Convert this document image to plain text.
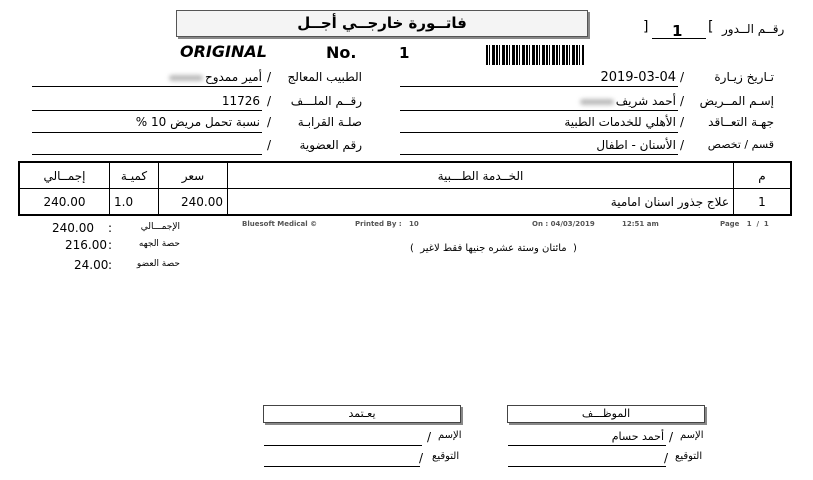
فاتــورة خارجــي أجــل
ORIGINAL	No.	1
رقــم الــدور
[
] 1
الطبيب المعالج
/
أمير ممدوح
رقــم الملـــف
/
11726
صلـة القرابـة
/
نسبة تحمل مريض 10 %
رقم العضوية
/
تـاريخ زيـارة
/
2019-03-04
إسـم المــريض
/
أحمد شريف
جهـة التعــاقد
/
الأهلي للخدمات الطبية
قسم / تخصص
/
الأسنان - اطفال
إجمــالي	كميـة	سعر	الخــدمة الطـــبية	م
240.00	1.0	240.00	علاج جذور اسنان امامية	1
Bluesoft Medical ©	Printed By : 10	On : 04/03/2019	12:51 am	Page   1  /  1
240.00 :	الإجمـــالي
216.00 :	حصة الجهه
24.00 :	حصة العضو
(  مائتان وستة عشره جنيها فقط لاغير  )
يعـتمد
الإسم
/
التوقيع
/
الموظـــف
الإسم
/
أحمد حسام
التوقيع
/
